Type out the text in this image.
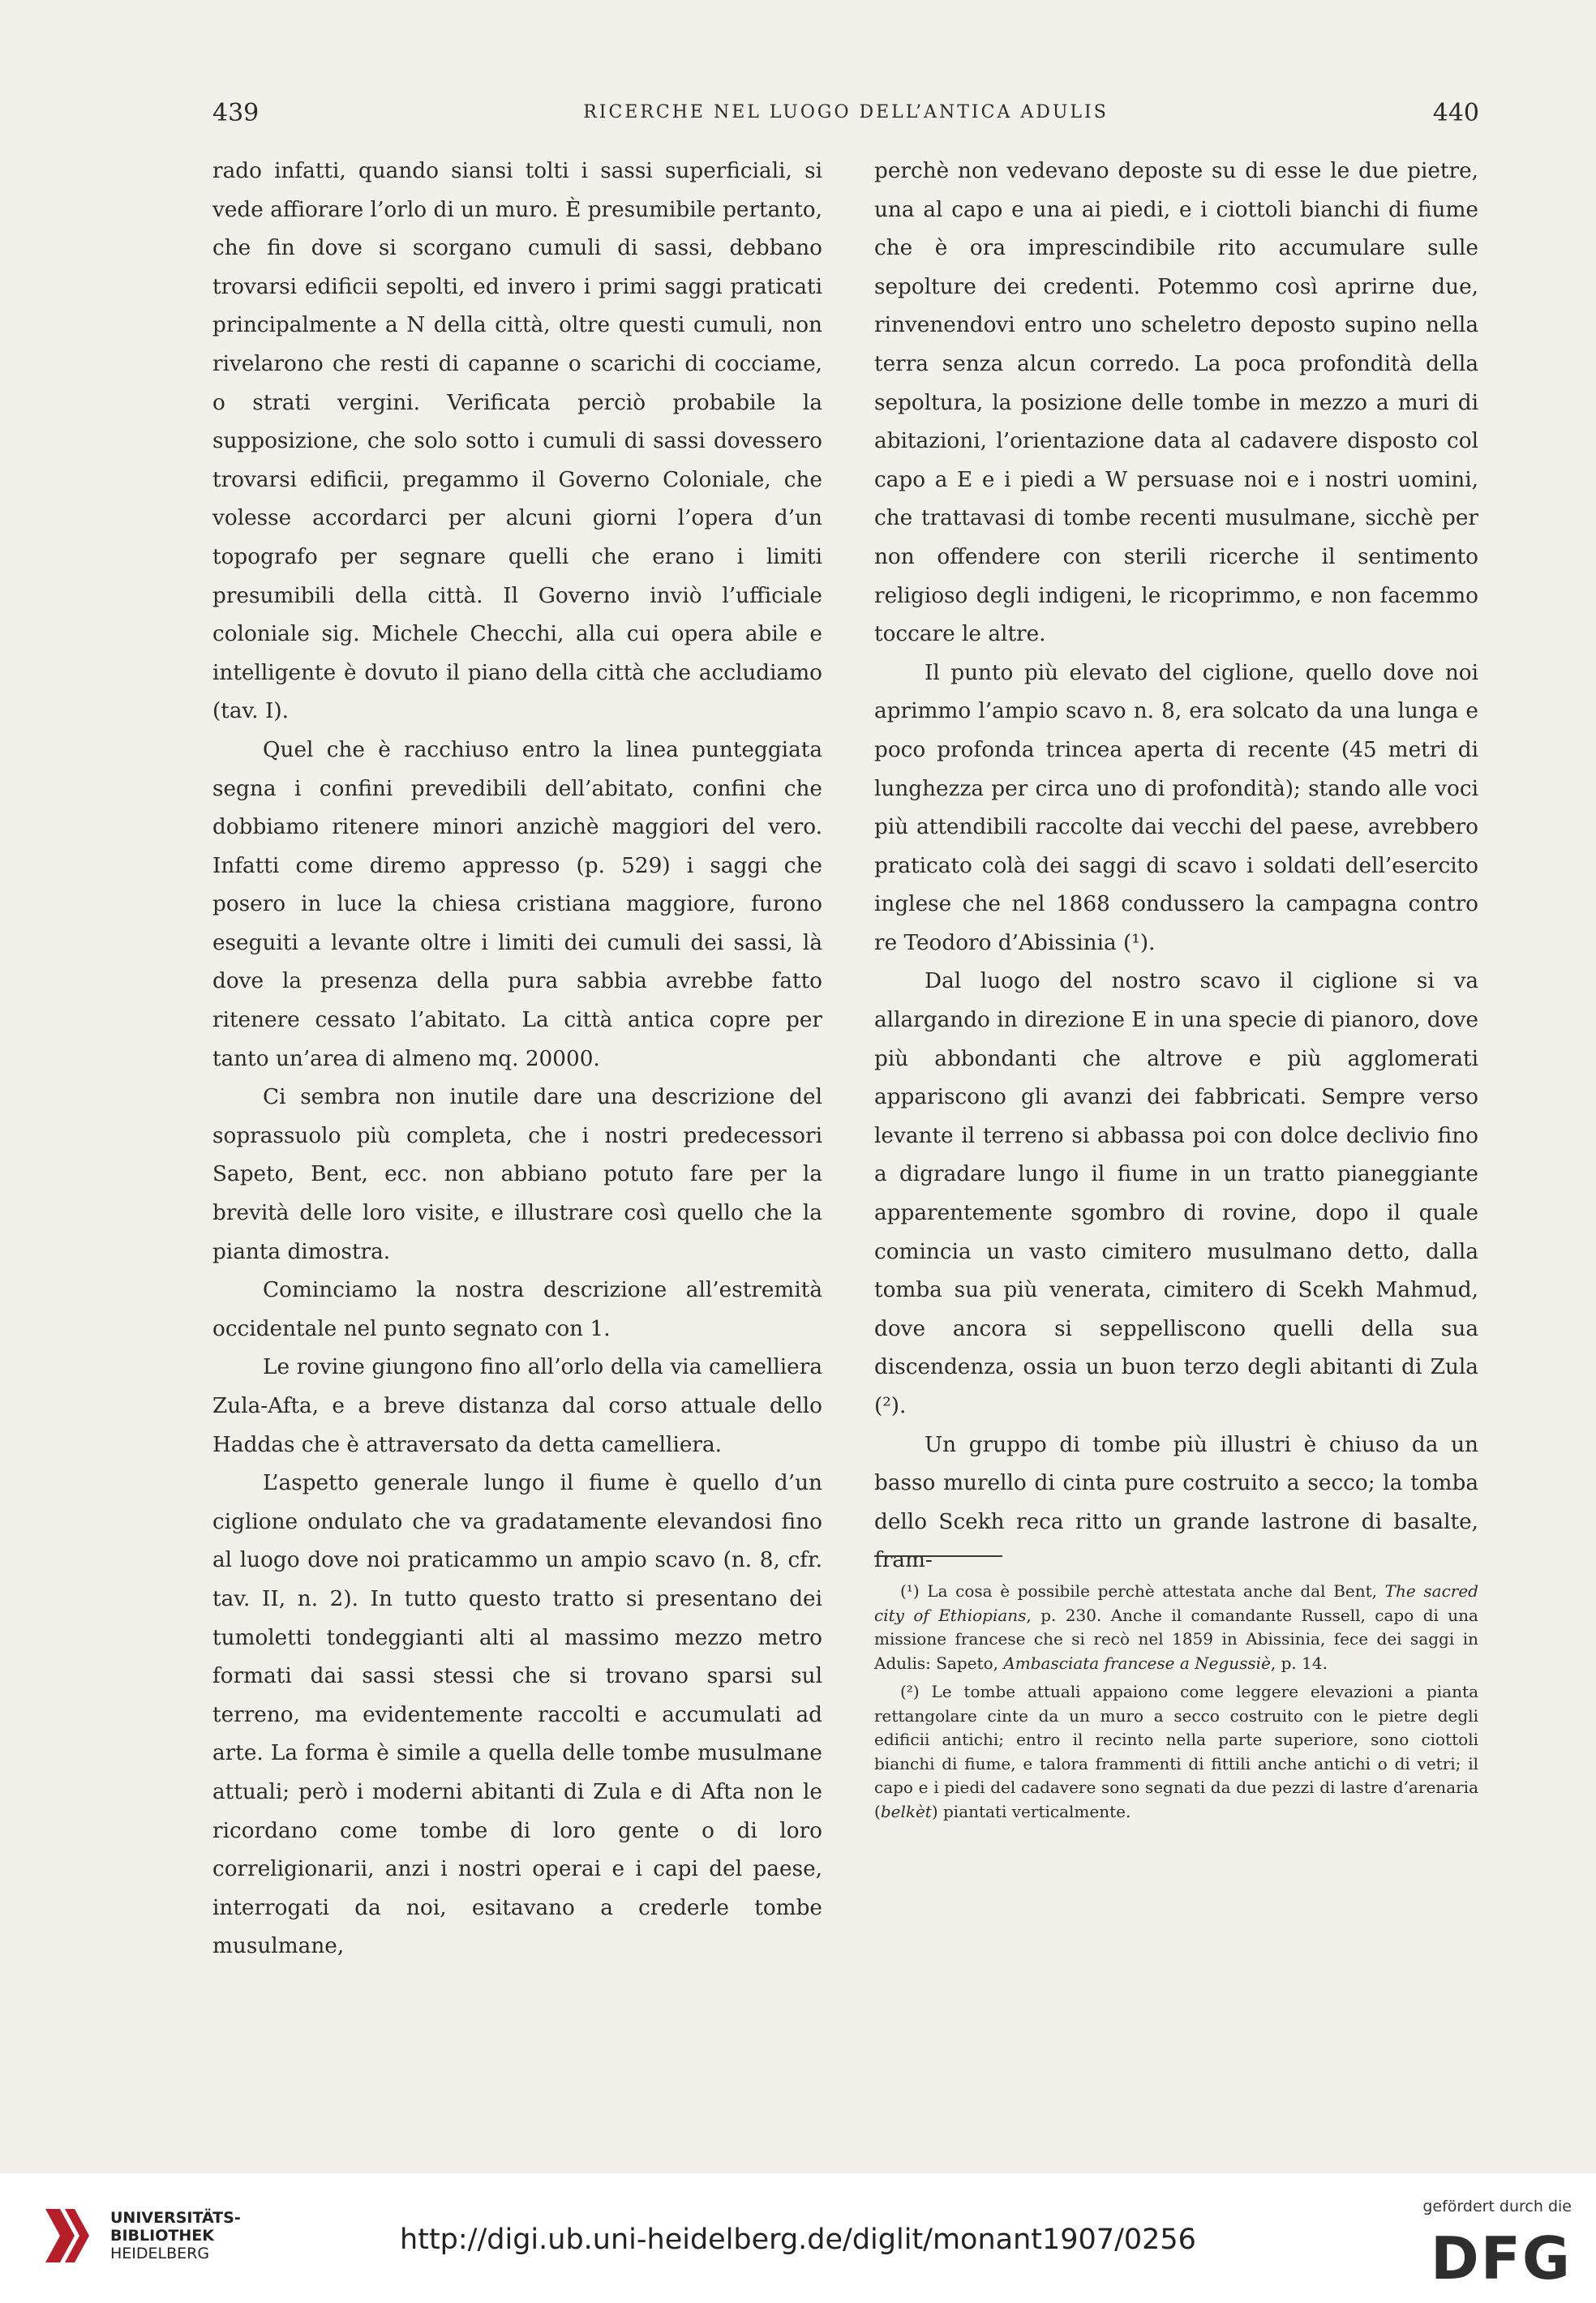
439	RICERCHE NEL LUOGO DELL’ANTICA ADULIS	440

rado infatti, quando siansi tolti i sassi superficiali, si vede affiorare l’orlo di un muro. È presumibile pertanto, che fin dove si scorgano cumuli di sassi, debbano trovarsi edificii sepolti, ed invero i primi saggi praticati principalmente a N della città, oltre questi cumuli, non rivelarono che resti di capanne o scarichi di cocciame, o strati vergini. Verificata perciò probabile la supposizione, che solo sotto i cumuli di sassi dovessero trovarsi edificii, pregammo il Governo Coloniale, che volesse accordarci per alcuni giorni l’opera d’un topografo per segnare quelli che erano i limiti presumibili della città. Il Governo inviò l’ufficiale coloniale sig. Michele Checchi, alla cui opera abile e intelligente è dovuto il piano della città che accludiamo (tav. I).

Quel che è racchiuso entro la linea punteggiata segna i confini prevedibili dell’abitato, confini che dobbiamo ritenere minori anzichè maggiori del vero. Infatti come diremo appresso (p. 529) i saggi che posero in luce la chiesa cristiana maggiore, furono eseguiti a levante oltre i limiti dei cumuli dei sassi, là dove la presenza della pura sabbia avrebbe fatto ritenere cessato l’abitato. La città antica copre per tanto un’area di almeno mq. 20000.

Ci sembra non inutile dare una descrizione del soprassuolo più completa, che i nostri predecessori Sapeto, Bent, ecc. non abbiano potuto fare per la brevità delle loro visite, e illustrare così quello che la pianta dimostra.

Cominciamo la nostra descrizione all’estremità occidentale nel punto segnato con 1.

Le rovine giungono fino all’orlo della via camelliera Zula-Afta, e a breve distanza dal corso attuale dello Haddas che è attraversato da detta camelliera.

L’aspetto generale lungo il fiume è quello d’un ciglione ondulato che va gradatamente elevandosi fino al luogo dove noi praticammo un ampio scavo (n. 8, cfr. tav. II, n. 2). In tutto questo tratto si presentano dei tumoletti tondeggianti alti al massimo mezzo metro formati dai sassi stessi che si trovano sparsi sul terreno, ma evidentemente raccolti e accumulati ad arte. La forma è simile a quella delle tombe musulmane attuali; però i moderni abitanti di Zula e di Afta non le ricordano come tombe di loro gente o di loro correligionarii, anzi i nostri operai e i capi del paese, interrogati da noi, esitavano a crederle tombe musulmane,

perchè non vedevano deposte su di esse le due pietre, una al capo e una ai piedi, e i ciottoli bianchi di fiume che è ora imprescindibile rito accumulare sulle sepolture dei credenti. Potemmo così aprirne due, rinvenendovi entro uno scheletro deposto supino nella terra senza alcun corredo. La poca profondità della sepoltura, la posizione delle tombe in mezzo a muri di abitazioni, l’orientazione data al cadavere disposto col capo a E e i piedi a W persuase noi e i nostri uomini, che trattavasi di tombe recenti musulmane, sicchè per non offendere con sterili ricerche il sentimento religioso degli indigeni, le ricoprimmo, e non facemmo toccare le altre.

Il punto più elevato del ciglione, quello dove noi aprimmo l’ampio scavo n. 8, era solcato da una lunga e poco profonda trincea aperta di recente (45 metri di lunghezza per circa uno di profondità); stando alle voci più attendibili raccolte dai vecchi del paese, avrebbero praticato colà dei saggi di scavo i soldati dell’esercito inglese che nel 1868 condussero la campagna contro re Teodoro d’Abissinia (¹).

Dal luogo del nostro scavo il ciglione si va allargando in direzione E in una specie di pianoro, dove più abbondanti che altrove e più agglomerati appariscono gli avanzi dei fabbricati. Sempre verso levante il terreno si abbassa poi con dolce declivio fino a digradare lungo il fiume in un tratto pianeggiante apparentemente sgombro di rovine, dopo il quale comincia un vasto cimitero musulmano detto, dalla tomba sua più venerata, cimitero di Scekh Mahmud, dove ancora si seppelliscono quelli della sua discendenza, ossia un buon terzo degli abitanti di Zula (²).

Un gruppo di tombe più illustri è chiuso da un basso murello di cinta pure costruito a secco; la tomba dello Scekh reca ritto un grande lastrone di basalte, fram-

(¹) La cosa è possibile perchè attestata anche dal Bent, The sacred city of Ethiopians, p. 230. Anche il comandante Russell, capo di una missione francese che si recò nel 1859 in Abissinia, fece dei saggi in Adulis: Sapeto, Ambasciata francese a Negussiè, p. 14.

(²) Le tombe attuali appaiono come leggere elevazioni a pianta rettangolare cinte da un muro a secco costruito con le pietre degli edificii antichi; entro il recinto nella parte superiore, sono ciottoli bianchi di fiume, e talora frammenti di fittili anche antichi o di vetri; il capo e i piedi del cadavere sono segnati da due pezzi di lastre d’arenaria (belkèt) piantati verticalmente.

UNIVERSITÄTS-
BIBLIOTHEK
HEIDELBERG	http://digi.ub.uni-heidelberg.de/diglit/monant1907/0256
gefördert durch die
DFG
